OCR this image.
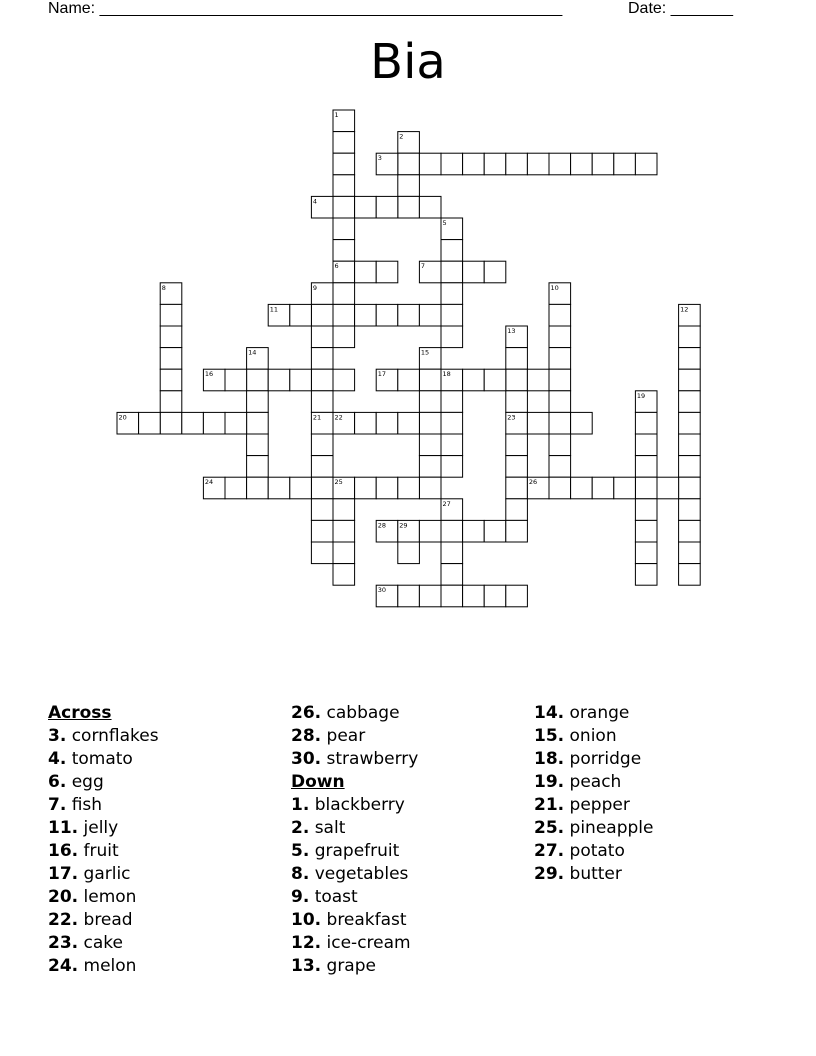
Name: ____________________________________________________	Date: _______
Bia
1
2
3
4
5
6	7
8	9	10
11	12
13
14	15
16	17	18
19
20	21 22	23
24	25	26
27
28 29
30
Across
3. cornflakes
4. tomato
6. egg
7. fish
11. jelly
16. fruit
17. garlic
20. lemon
22. bread
23. cake
24. melon
26. cabbage
28. pear
30. strawberry
Down
1. blackberry
2. salt
5. grapefruit
8. vegetables
9. toast
10. breakfast
12. ice-cream
13. grape
14. orange
15. onion
18. porridge
19. peach
21. pepper
25. pineapple
27. potato
29. butter
